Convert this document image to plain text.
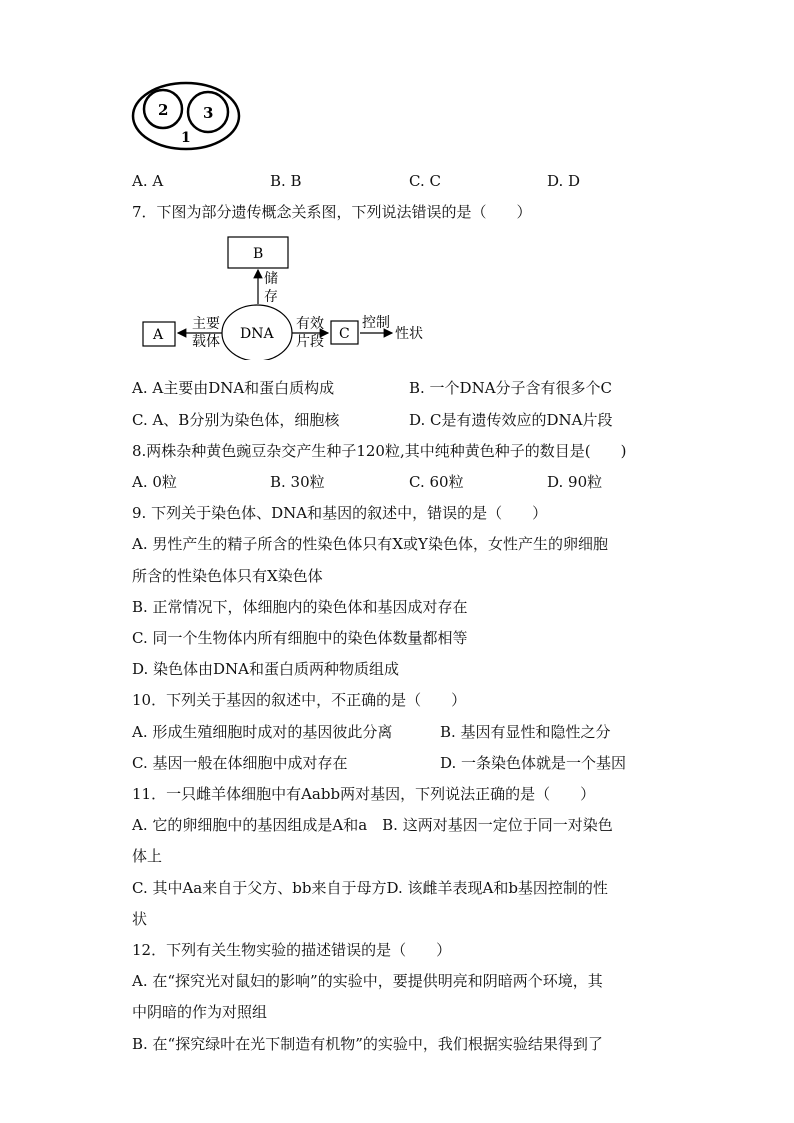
2 3
1
A. A	B. B	C. C	D. D
7．下图为部分遗传概念关系图，下列说法错误的是（　　）
B
储
存
A	DNA
主要
载体
有效
片段 C
控制
性状
A. A主要由DNA和蛋白质构成	B. 一个DNA分子含有很多个C
C. A、B分别为染色体，细胞核	D. C是有遗传效应的DNA片段
8.两株杂种黄色豌豆杂交产生种子120粒,其中纯种黄色种子的数目是(　　)
A. 0粒	B. 30粒	C. 60粒	D. 90粒
9. 下列关于染色体、DNA和基因的叙述中，错误的是（　　）
A. 男性产生的精子所含的性染色体只有X或Y染色体，女性产生的卵细胞
所含的性染色体只有X染色体
B. 正常情况下，体细胞内的染色体和基因成对存在
C. 同一个生物体内所有细胞中的染色体数量都相等
D. 染色体由DNA和蛋白质两种物质组成
10．下列关于基因的叙述中，不正确的是（　　）
A. 形成生殖细胞时成对的基因彼此分离	B. 基因有显性和隐性之分
C. 基因一般在体细胞中成对存在	D. 一条染色体就是一个基因
11．一只雌羊体细胞中有Aabb两对基因，下列说法正确的是（　　）
A. 它的卵细胞中的基因组成是A和a　B. 这两对基因一定位于同一对染色
体上
C. 其中Aa来自于父方、bb来自于母方D. 该雌羊表现A和b基因控制的性
状
12．下列有关生物实验的描述错误的是（　　）
A. 在“探究光对鼠妇的影响”的实验中，要提供明亮和阴暗两个环境，其
中阴暗的作为对照组
B. 在“探究绿叶在光下制造有机物”的实验中，我们根据实验结果得到了
